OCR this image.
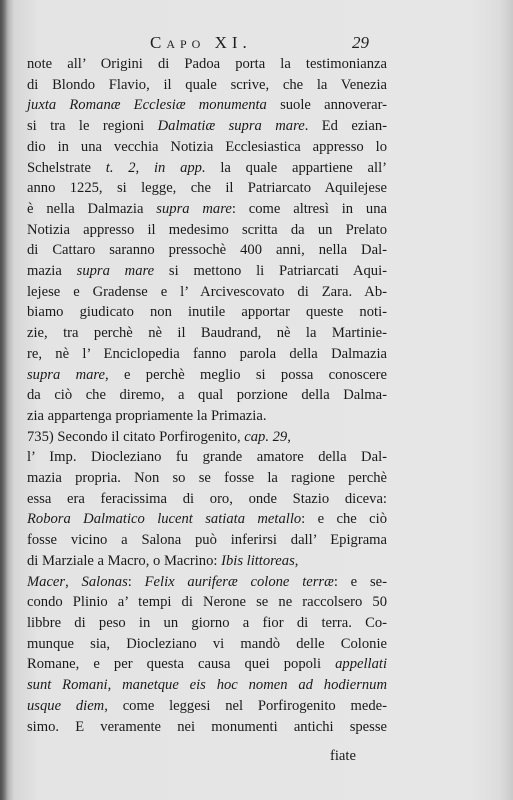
Capo XI.	29
note all’ Origini di Padoa porta la testimonianza
di Blondo Flavio, il quale scrive, che la Venezia
juxta Romanæ Ecclesiæ monumenta suole annoverar-
si tra le regioni Dalmatiæ supra mare. Ed ezian-
dio in una vecchia Notizia Ecclesiastica appresso lo
Schelstrate t. 2, in app. la quale appartiene all’
anno 1225, si legge, che il Patriarcato Aquilejese
è nella Dalmazia supra mare: come altresì in una
Notizia appresso il medesimo scritta da un Prelato
di Cattaro saranno pressochè 400 anni, nella Dal-
mazia supra mare si mettono li Patriarcati Aqui-
lejese e Gradense e l’ Arcivescovato di Zara. Ab-
biamo giudicato non inutile apportar queste noti-
zie, tra perchè nè il Baudrand, nè la Martinie-
re, nè l’ Enciclopedia fanno parola della Dalmazia
supra mare, e perchè meglio si possa conoscere
da ciò che diremo, a qual porzione della Dalma-
zia appartenga propriamente la Primazia.
735) Secondo il citato Porfirogenito, cap. 29,
l’ Imp. Diocleziano fu grande amatore della Dal-
mazia propria. Non so se fosse la ragione perchè
essa era feracissima di oro, onde Stazio diceva:
Robora Dalmatico lucent satiata metallo: e che ciò
fosse vicino a Salona può inferirsi dall’ Epigrama
di Marziale a Macro, o Macrino: Ibis littoreas,
Macer, Salonas: Felix auriferæ colone terræ: e se-
condo Plinio a’ tempi di Nerone se ne raccolsero 50
libbre di peso in un giorno a fior di terra. Co-
munque sia, Diocleziano vi mandò delle Colonie
Romane, e per questa causa quei popoli appellati
sunt Romani, manetque eis hoc nomen ad hodiernum
usque diem, come leggesi nel Porfirogenito mede-
simo. E veramente nei monumenti antichi spesse
fiate
